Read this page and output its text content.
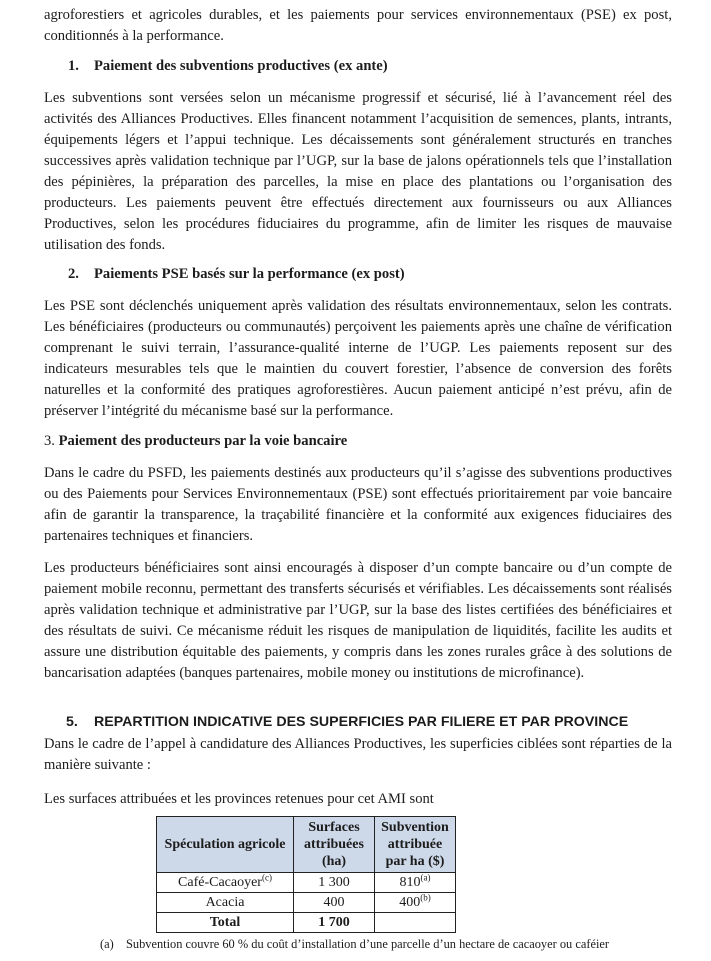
agroforestiers et agricoles durables, et les paiements pour services environnementaux (PSE) ex post, conditionnés à la performance.

1. Paiement des subventions productives (ex ante)

Les subventions sont versées selon un mécanisme progressif et sécurisé, lié à l’avancement réel des activités des Alliances Productives. Elles financent notamment l’acquisition de semences, plants, intrants, équipements légers et l’appui technique. Les décaissements sont généralement structurés en tranches successives après validation technique par l’UGP, sur la base de jalons opérationnels tels que l’installation des pépinières, la préparation des parcelles, la mise en place des plantations ou l’organisation des producteurs. Les paiements peuvent être effectués directement aux fournisseurs ou aux Alliances Productives, selon les procédures fiduciaires du programme, afin de limiter les risques de mauvaise utilisation des fonds.

2. Paiements PSE basés sur la performance (ex post)

Les PSE sont déclenchés uniquement après validation des résultats environnementaux, selon les contrats. Les bénéficiaires (producteurs ou communautés) perçoivent les paiements après une chaîne de vérification comprenant le suivi terrain, l’assurance-qualité interne de l’UGP. Les paiements reposent sur des indicateurs mesurables tels que le maintien du couvert forestier, l’absence de conversion des forêts naturelles et la conformité des pratiques agroforestières. Aucun paiement anticipé n’est prévu, afin de préserver l’intégrité du mécanisme basé sur la performance.

3. Paiement des producteurs par la voie bancaire

Dans le cadre du PSFD, les paiements destinés aux producteurs qu’il s’agisse des subventions productives ou des Paiements pour Services Environnementaux (PSE) sont effectués prioritairement par voie bancaire afin de garantir la transparence, la traçabilité financière et la conformité aux exigences fiduciaires des partenaires techniques et financiers.

Les producteurs bénéficiaires sont ainsi encouragés à disposer d’un compte bancaire ou d’un compte de paiement mobile reconnu, permettant des transferts sécurisés et vérifiables. Les décaissements sont réalisés après validation technique et administrative par l’UGP, sur la base des listes certifiées des bénéficiaires et des résultats de suivi. Ce mécanisme réduit les risques de manipulation de liquidités, facilite les audits et assure une distribution équitable des paiements, y compris dans les zones rurales grâce à des solutions de bancarisation adaptées (banques partenaires, mobile money ou institutions de microfinance).

5. REPARTITION INDICATIVE DES SUPERFICIES PAR FILIERE ET PAR PROVINCE

Dans le cadre de l’appel à candidature des Alliances Productives, les superficies ciblées sont réparties de la manière suivante :

Les surfaces attribuées et les provinces retenues pour cet AMI sont

Spéculation agricole	Surfaces attribuées (ha)	Subvention attribuée par ha ($)
Café-Cacaoyer$^{(c)}$	1 300	810$^{(a)}$
Acacia	400	400$^{(b)}$
Total	1 700	
(a) Subvention couvre 60 % du coût d’installation d’une parcelle d’un hectare de cacaoyer ou caféier
